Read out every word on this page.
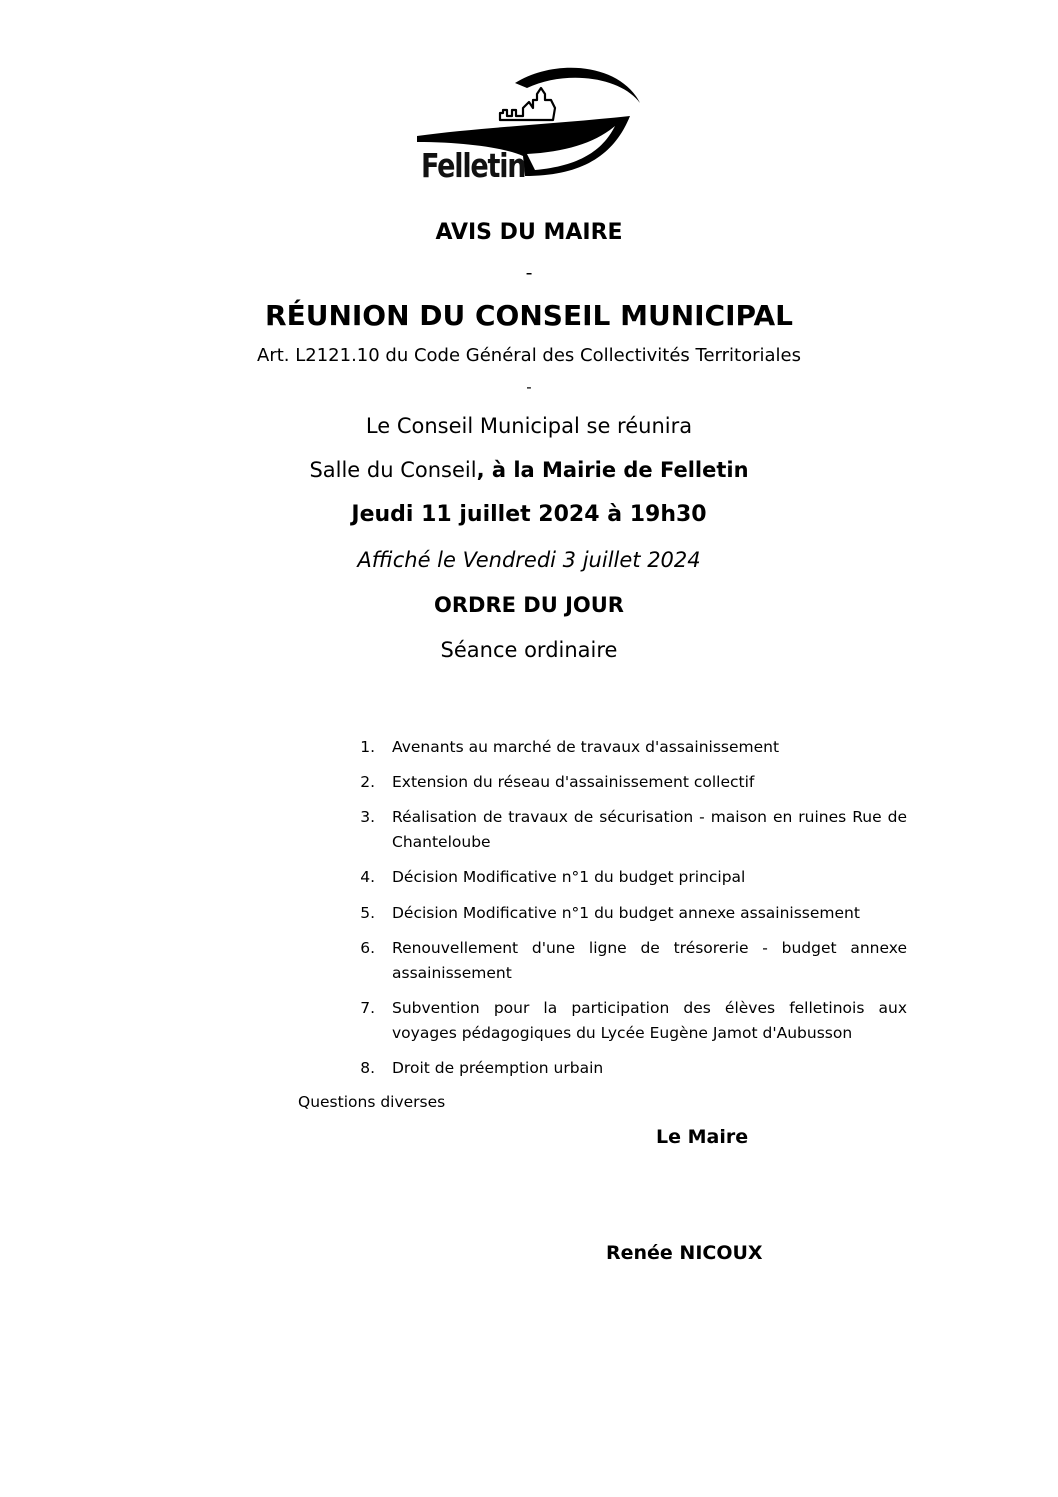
Felletin
AVIS DU MAIRE
-
RÉUNION DU CONSEIL MUNICIPAL
Art. L2121.10 du Code Général des Collectivités Territoriales
-
Le Conseil Municipal se réunira
Salle du Conseil, à la Mairie de Felletin
Jeudi 11 juillet 2024 à 19h30
Affiché le Vendredi 3 juillet 2024
ORDRE DU JOUR
Séance ordinaire
1. Avenants au marché de travaux d'assainissement
2. Extension du réseau d'assainissement collectif
3. Réalisation de travaux de sécurisation - maison en ruines Rue de Chanteloube
4. Décision Modificative n°1 du budget principal
5. Décision Modificative n°1 du budget annexe assainissement
6. Renouvellement d'une ligne de trésorerie - budget annexe assainissement
7. Subvention pour la participation des élèves felletinois aux voyages pédagogiques du Lycée Eugène Jamot d'Aubusson
8. Droit de préemption urbain
Questions diverses
Le Maire
Renée NICOUX
